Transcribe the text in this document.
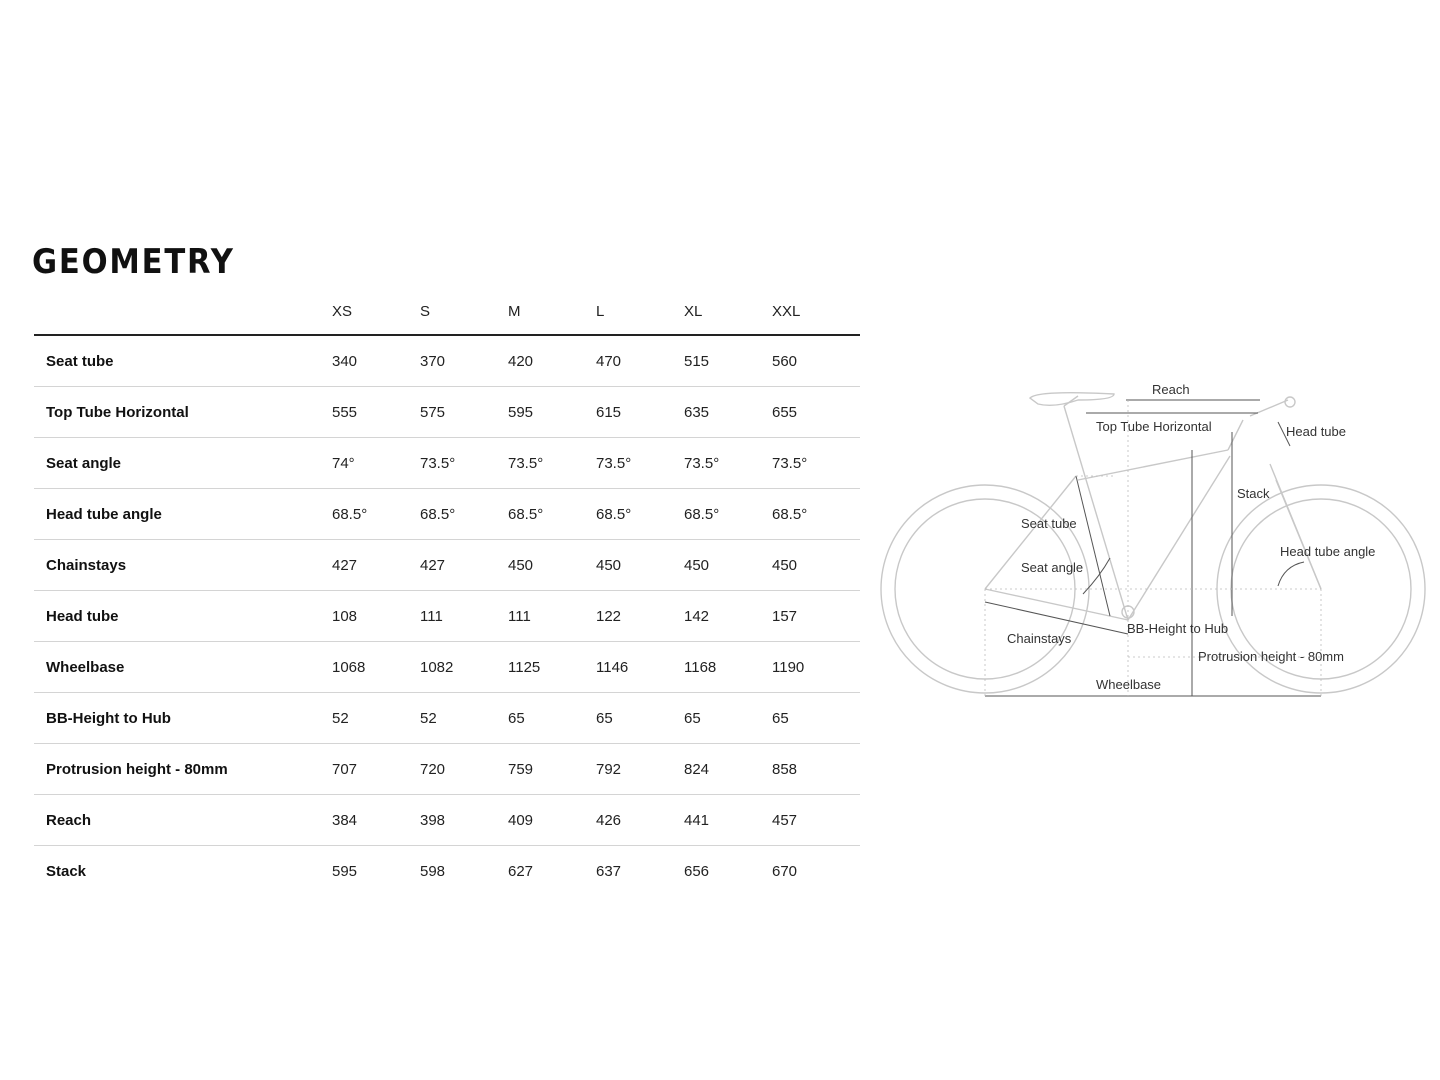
GEOMETRY
	XS	S	M	L	XL	XXL
Seat tube	340	370	420	470	515	560
Top Tube Horizontal	555	575	595	615	635	655
Seat angle	74°	73.5°	73.5°	73.5°	73.5°	73.5°
Head tube angle	68.5°	68.5°	68.5°	68.5°	68.5°	68.5°
Chainstays	427	427	450	450	450	450
Head tube	108	111	111	122	142	157
Wheelbase	1068	1082	1125	1146	1168	1190
BB-Height to Hub	52	52	65	65	65	65
Protrusion height - 80mm	707	720	759	792	824	858
Reach	384	398	409	426	441	457
Stack	595	598	627	637	656	670
Reach
Top Tube Horizontal	Head tube
Stack
Seat tube
Head tube angle
Seat angle
Chainstays
BB-Height to Hub
Protrusion height - 80mm
Wheelbase
